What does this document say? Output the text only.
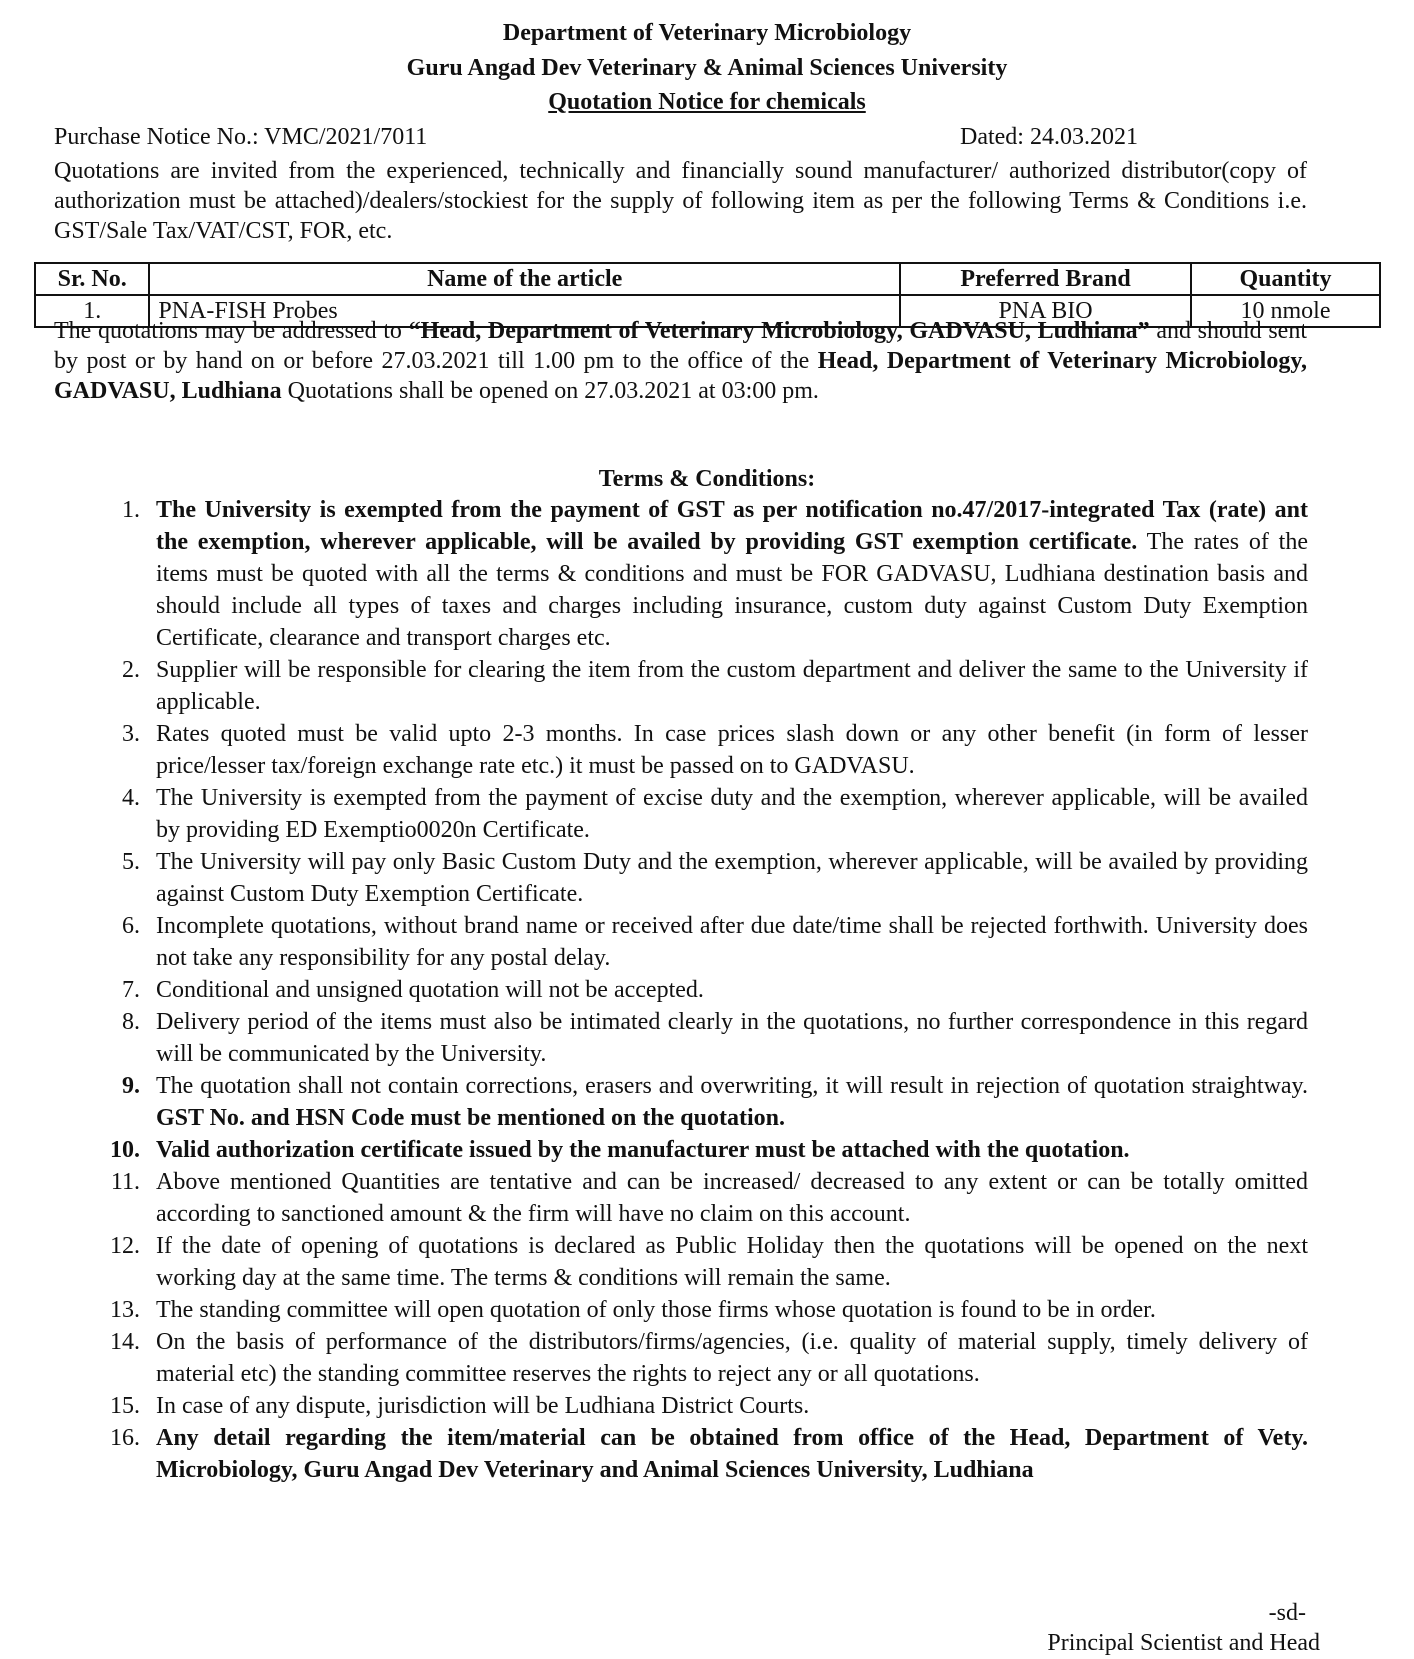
Department of Veterinary Microbiology
Guru Angad Dev Veterinary & Animal Sciences University
Quotation Notice for chemicals
Purchase Notice No.: VMC/2021/7011	Dated: 24.03.2021
Quotations are invited from the experienced, technically and financially sound manufacturer/ authorized distributor(copy of authorization must be attached)/dealers/stockiest for the supply of following item as per the following Terms & Conditions i.e. GST/Sale Tax/VAT/CST, FOR, etc.
Sr. No.	Name of the article	Preferred Brand	Quantity
1.	PNA-FISH Probes	PNA BIO	10 nmole
The quotations may be addressed to “Head, Department of Veterinary Microbiology, GADVASU, Ludhiana” and should sent by post or by hand on or before 27.03.2021 till 1.00 pm to the office of the Head, Department of Veterinary Microbiology, GADVASU, Ludhiana Quotations shall be opened on 27.03.2021 at 03:00 pm.
Terms & Conditions:
1. The University is exempted from the payment of GST as per notification no.47/2017-integrated Tax (rate) ant the exemption, wherever applicable, will be availed by providing GST exemption certificate. The rates of the items must be quoted with all the terms & conditions and must be FOR GADVASU, Ludhiana destination basis and should include all types of taxes and charges including insurance, custom duty against Custom Duty Exemption Certificate, clearance and transport charges etc.
2. Supplier will be responsible for clearing the item from the custom department and deliver the same to the University if applicable.
3. Rates quoted must be valid upto 2-3 months. In case prices slash down or any other benefit (in form of lesser price/lesser tax/foreign exchange rate etc.) it must be passed on to GADVASU.
4. The University is exempted from the payment of excise duty and the exemption, wherever applicable, will be availed by providing ED Exemptio0020n Certificate.
5. The University will pay only Basic Custom Duty and the exemption, wherever applicable, will be availed by providing against Custom Duty Exemption Certificate.
6. Incomplete quotations, without brand name or received after due date/time shall be rejected forthwith. University does not take any responsibility for any postal delay.
7. Conditional and unsigned quotation will not be accepted.
8. Delivery period of the items must also be intimated clearly in the quotations, no further correspondence in this regard will be communicated by the University.
9. The quotation shall not contain corrections, erasers and overwriting, it will result in rejection of quotation straightway. GST No. and HSN Code must be mentioned on the quotation.
10. Valid authorization certificate issued by the manufacturer must be attached with the quotation.
11. Above mentioned Quantities are tentative and can be increased/ decreased to any extent or can be totally omitted according to sanctioned amount & the firm will have no claim on this account.
12. If the date of opening of quotations is declared as Public Holiday then the quotations will be opened on the next working day at the same time. The terms & conditions will remain the same.
13. The standing committee will open quotation of only those firms whose quotation is found to be in order.
14. On the basis of performance of the distributors/firms/agencies, (i.e. quality of material supply, timely delivery of material etc) the standing committee reserves the rights to reject any or all quotations.
15. In case of any dispute, jurisdiction will be Ludhiana District Courts.
16. Any detail regarding the item/material can be obtained from office of the Head, Department of Vety. Microbiology, Guru Angad Dev Veterinary and Animal Sciences University, Ludhiana
-sd-
Principal Scientist and Head
